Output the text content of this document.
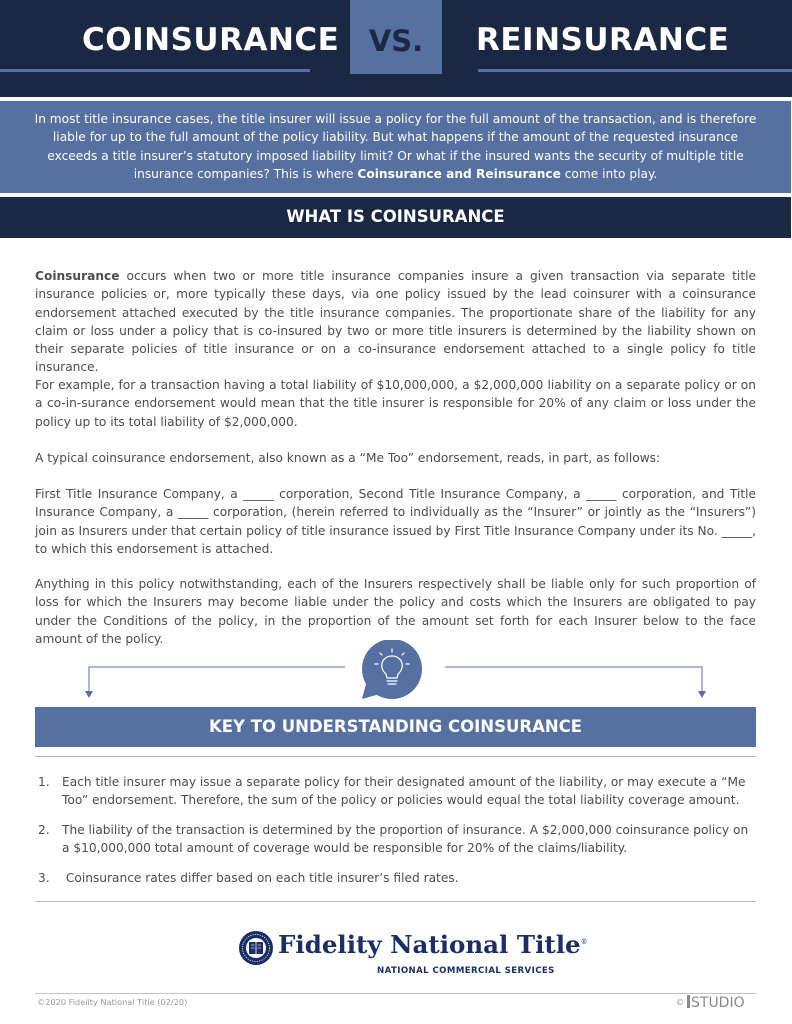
COINSURANCE	VS.	REINSURANCE
In most title insurance cases, the title insurer will issue a policy for the full amount of the transaction, and is therefore liable for up to the full amount of the policy liability. But what happens if the amount of the requested insurance exceeds a title insurer’s statutory imposed liability limit? Or what if the insured wants the security of multiple title insurance companies? This is where Coinsurance and Reinsurance come into play.
WHAT IS COINSURANCE
Coinsurance occurs when two or more title insurance companies insure a given transaction via separate title insurance policies or, more typically these days, via one policy issued by the lead coinsurer with a coinsurance endorsement attached executed by the title insurance companies. The proportionate share of the liability for any claim or loss under a policy that is co-insured by two or more title insurers is determined by the liability shown on their separate policies of title insurance or on a co-insurance endorsement attached to a single policy fo title insurance.
For example, for a transaction having a total liability of $10,000,000, a $2,000,000 liability on a separate policy or on a co-in-surance endorsement would mean that the title insurer is responsible for 20% of any claim or loss under the policy up to its total liability of $2,000,000.
A typical coinsurance endorsement, also known as a “Me Too” endorsement, reads, in part, as follows:
First Title Insurance Company, a _____ corporation, Second Title Insurance Company, a _____ corporation, and Title Insurance Company, a _____ corporation, (herein referred to individually as the “Insurer” or jointly as the “Insurers”) join as Insurers under that certain policy of title insurance issued by First Title Insurance Company under its No. _____, to which this endorsement is attached.
Anything in this policy notwithstanding, each of the Insurers respectively shall be liable only for such proportion of loss for which the Insurers may become liable under the policy and costs which the Insurers are obligated to pay under the Conditions of the policy, in the proportion of the amount set forth for each Insurer below to the face amount of the policy.
KEY TO UNDERSTANDING COINSURANCE
1. Each title insurer may issue a separate policy for their designated amount of the liability, or may execute a “Me Too” endorsement. Therefore, the sum of the policy or policies would equal the total liability coverage amount.
2. The liability of the transaction is determined by the proportion of insurance. A $2,000,000 coinsurance policy on a $10,000,000 total amount of coverage would be responsible for 20% of the claims/liability.
3. Coinsurance rates differ based on each title insurer’s filed rates.
Fidelity National Title®
NATIONAL COMMERCIAL SERVICES
©2020 Fidelity National Title (02/20)	© STUDIO
